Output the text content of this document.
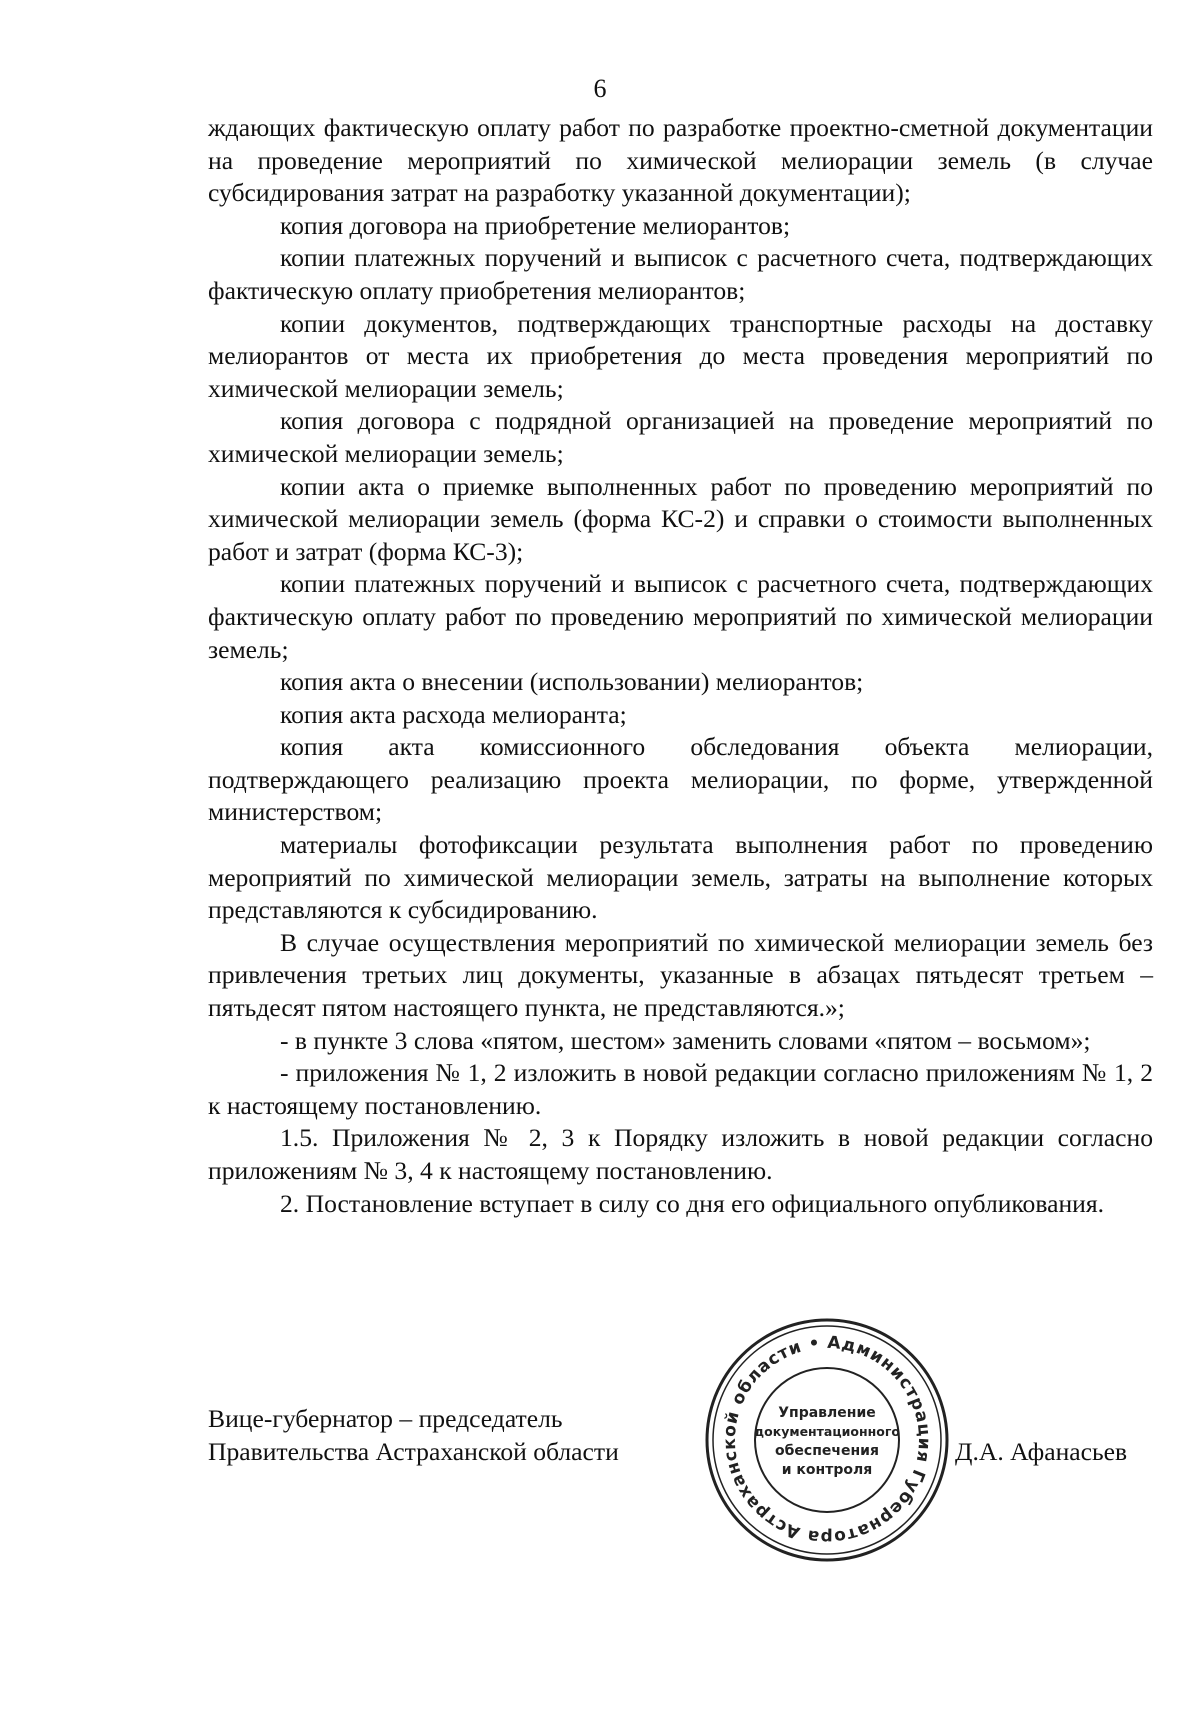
6

ждающих фактическую оплату работ по разработке проектно-сметной документации на проведение мероприятий по химической мелиорации земель (в случае субсидирования затрат на разработку указанной документации);

копия договора на приобретение мелиорантов;

копии платежных поручений и выписок с расчетного счета, подтверждающих фактическую оплату приобретения мелиорантов;

копии документов, подтверждающих транспортные расходы на доставку мелиорантов от места их приобретения до места проведения мероприятий по химической мелиорации земель;

копия договора с подрядной организацией на проведение мероприятий по химической мелиорации земель;

копии акта о приемке выполненных работ по проведению мероприятий по химической мелиорации земель (форма КС-2) и справки о стоимости выполненных работ и затрат (форма КС-3);

копии платежных поручений и выписок с расчетного счета, подтверждающих фактическую оплату работ по проведению мероприятий по химической мелиорации земель;

копия акта о внесении (использовании) мелиорантов;

копия акта расхода мелиоранта;

копия акта комиссионного обследования объекта мелиорации, подтверждающего реализацию проекта мелиорации, по форме, утвержденной министерством;

материалы фотофиксации результата выполнения работ по проведению мероприятий по химической мелиорации земель, затраты на выполнение которых представляются к субсидированию.

В случае осуществления мероприятий по химической мелиорации земель без привлечения третьих лиц документы, указанные в абзацах пятьдесят третьем – пятьдесят пятом настоящего пункта, не представляются.»;

- в пункте 3 слова «пятом, шестом» заменить словами «пятом – восьмом»;

- приложения № 1, 2 изложить в новой редакции согласно приложениям № 1, 2 к настоящему постановлению.

1.5. Приложения № 2, 3 к Порядку изложить в новой редакции согласно приложениям № 3, 4 к настоящему постановлению.

2. Постановление вступает в силу со дня его официального опубликования.

Вице-губернатор – председатель
Правительства Астраханской области
Администрация Губернатора Астраханской области •
Управление
документационного
обеспечения
и контроля
Д.А. Афанасьев
